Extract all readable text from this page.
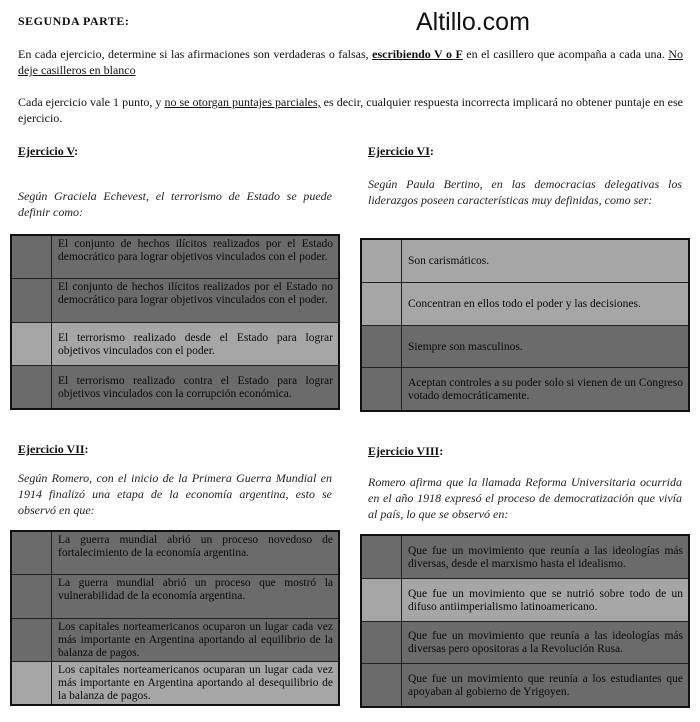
SEGUNDA PARTE:	Altillo.com
En cada ejercicio, determine si las afirmaciones son verdaderas o falsas, escribiendo V o F en el casillero que acompaña a cada una. No deje casilleros en blanco
Cada ejercicio vale 1 punto, y no se otorgan puntajes parciales, es decir, cualquier respuesta incorrecta implicará no obtener puntaje en ese ejercicio.
Ejercicio V:
Según Graciela Echevest, el terrorismo de Estado se puede definir como:
El conjunto de hechos ilícitos realizados por el Estado democrático para lograr objetivos vinculados con el poder.
El conjunto de hechos ilícitos realizados por el Estado no democrático para lograr objetivos vinculados con el poder.
El terrorismo realizado desde el Estado para lograr objetivos vinculados con el poder.
El terrorismo realizado contra el Estado para lograr objetivos vinculados con la corrupción económica.
Ejercicio VI:
Según Paula Bertino, en las democracias delegativas los liderazgos poseen características muy definidas, como ser:
Son carismáticos.
Concentran en ellos todo el poder y las decisiones.
Siempre son masculinos.
Aceptan controles a su poder solo si vienen de un Congreso votado democráticamente.
Ejercicio VII:
Según Romero, con el inicio de la Primera Guerra Mundial en 1914 finalizó una etapa de la economía argentina, esto se observó en que:
La guerra mundial abrió un proceso novedoso de fortalecimiento de la economía argentina.
La guerra mundial abrió un proceso que mostró la vulnerabilidad de la economía argentina.
Los capitales norteamericanos ocuparon un lugar cada vez más importante en Argentina aportando al equilibrio de la balanza de pagos.
Los capitales norteamericanos ocuparan un lugar cada vez más importante en Argentina aportando al desequilibrio de la balanza de pagos.
Ejercicio VIII:
Romero afirma que la llamada Reforma Universitaria ocurrida en el año 1918 expresó el proceso de democratización que vivía al país, lo que se observó en:
Que fue un movimiento que reunía a las ideologías más diversas, desde el marxismo hasta el idealismo.
Que fue un movimiento que se nutrió sobre todo de un difuso antiimperialismo latinoamericano.
Que fue un movimiento que reunía a las ideologías más diversas pero opositoras a la Revolución Rusa.
Que fue un movimiento que reunía a los estudiantes que apoyaban al gobierno de Yrigoyen.
